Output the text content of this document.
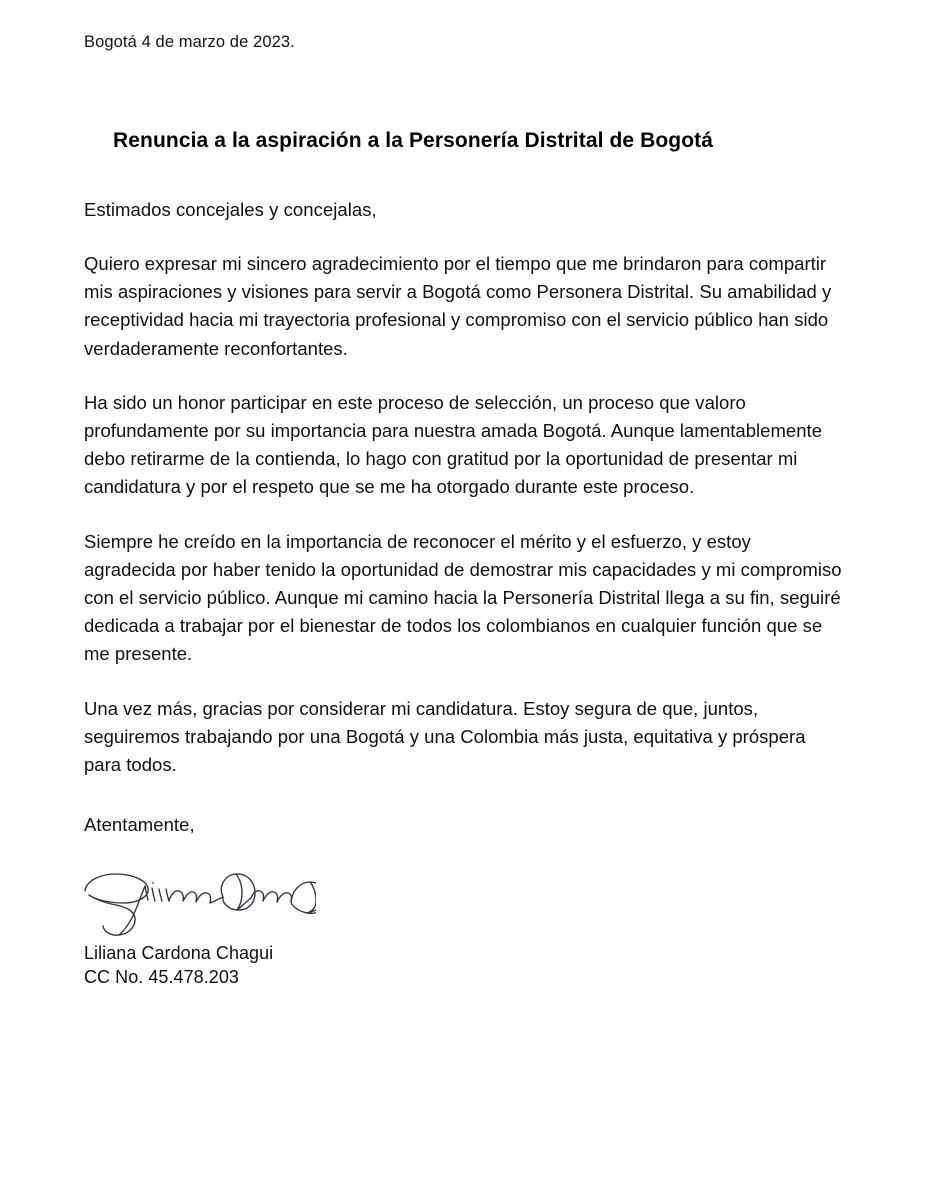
Bogotá 4 de marzo de 2023.
Renuncia a la aspiración a la Personería Distrital de Bogotá
Estimados concejales y concejalas,

Quiero expresar mi sincero agradecimiento por el tiempo que me brindaron para compartir mis aspiraciones y visiones para servir a Bogotá como Personera Distrital. Su amabilidad y receptividad hacia mi trayectoria profesional y compromiso con el servicio público han sido verdaderamente reconfortantes.

Ha sido un honor participar en este proceso de selección, un proceso que valoro profundamente por su importancia para nuestra amada Bogotá. Aunque lamentablemente debo retirarme de la contienda, lo hago con gratitud por la oportunidad de presentar mi candidatura y por el respeto que se me ha otorgado durante este proceso.

Siempre he creído en la importancia de reconocer el mérito y el esfuerzo, y estoy agradecida por haber tenido la oportunidad de demostrar mis capacidades y mi compromiso con el servicio público. Aunque mi camino hacia la Personería Distrital llega a su fin, seguiré dedicada a trabajar por el bienestar de todos los colombianos en cualquier función que se me presente.

Una vez más, gracias por considerar mi candidatura. Estoy segura de que, juntos, seguiremos trabajando por una Bogotá y una Colombia más justa, equitativa y próspera para todos.

Atentamente,
Liliana Cardona Chagui
CC No. 45.478.203
